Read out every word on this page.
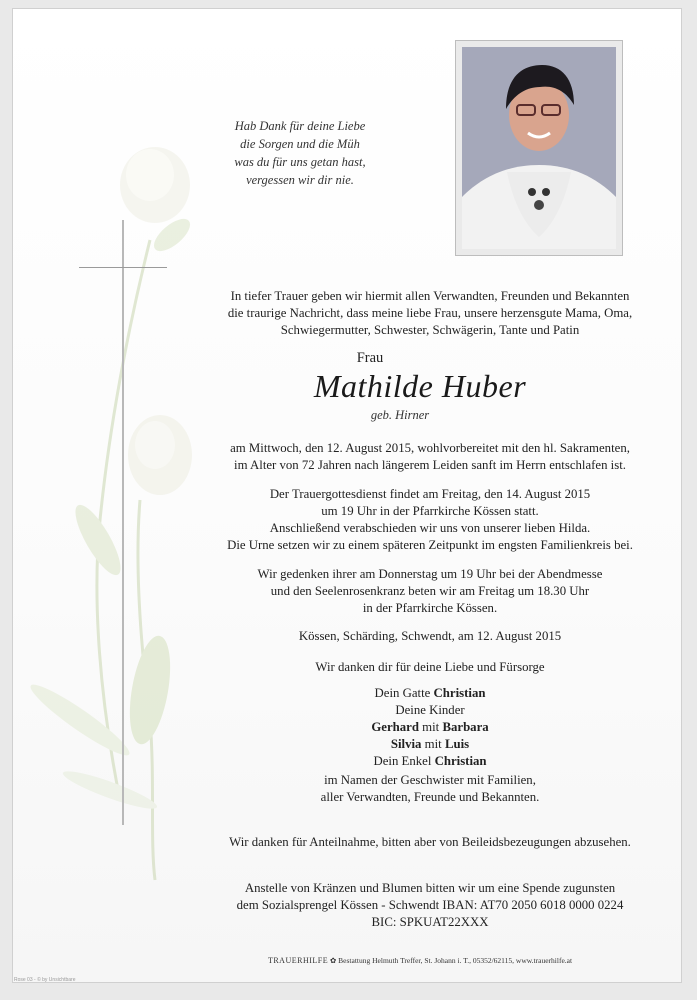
Hab Dank für deine Liebe
die Sorgen und die Müh
was du für uns getan hast,
vergessen wir dir nie.
In tiefer Trauer geben wir hiermit allen Verwandten, Freunden und Bekannten
die traurige Nachricht, dass meine liebe Frau, unsere herzensgute Mama, Oma,
Schwiegermutter, Schwester, Schwägerin, Tante und Patin
Frau
Mathilde Huber
geb. Hirner
am Mittwoch, den 12. August 2015, wohlvorbereitet mit den hl. Sakramenten,
im Alter von 72 Jahren nach längerem Leiden sanft im Herrn entschlafen ist.
Der Trauergottesdienst findet am Freitag, den 14. August 2015
um 19 Uhr in der Pfarrkirche Kössen statt.
Anschließend verabschieden wir uns von unserer lieben Hilda.
Die Urne setzen wir zu einem späteren Zeitpunkt im engsten Familienkreis bei.
Wir gedenken ihrer am Donnerstag um 19 Uhr bei der Abendmesse
und den Seelenrosenkranz beten wir am Freitag um 18.30 Uhr
in der Pfarrkirche Kössen.
Kössen, Schärding, Schwendt, am 12. August 2015
Wir danken dir für deine Liebe und Fürsorge
Dein Gatte Christian
Deine Kinder
Gerhard mit Barbara
Silvia mit Luis
Dein Enkel Christian
im Namen der Geschwister mit Familien,
aller Verwandten, Freunde und Bekannten.
Wir danken für Anteilnahme, bitten aber von Beileidsbezeugungen abzusehen.
Anstelle von Kränzen und Blumen bitten wir um eine Spende zugunsten
dem Sozialsprengel Kössen - Schwendt IBAN: AT70 2050 6018 0000 0224
BIC: SPKUAT22XXX
TRAUERHILFE ✿ Bestattung Helmuth Treffer, St. Johann i. T., 05352/62115, www.trauerhilfe.at
Rose 03 - © by Unsichtbare
